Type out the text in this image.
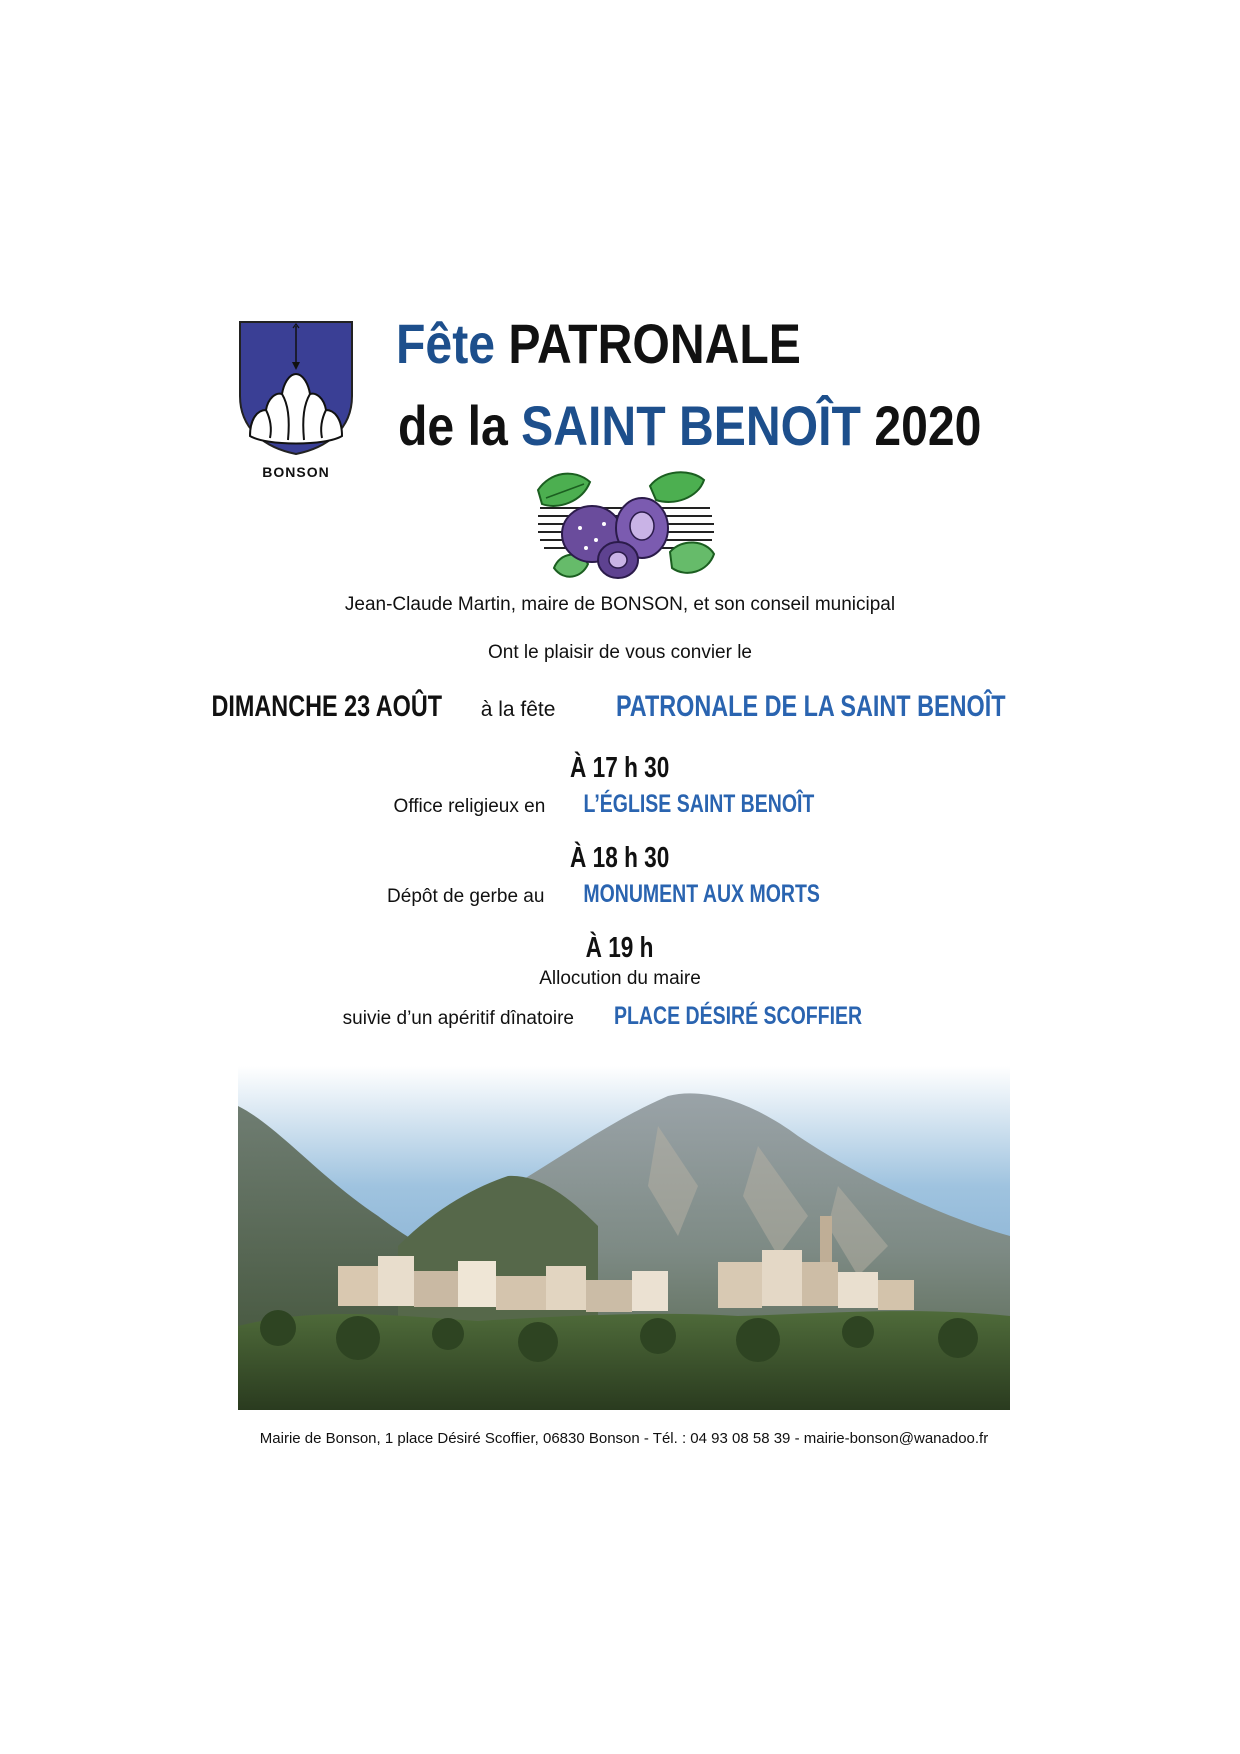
BONSON
Fête PATRONALE
de la SAINT BENOÎT 2020
Jean-Claude Martin, maire de BONSON, et son conseil municipal
Ont le plaisir de vous convier le
DIMANCHE 23 AOÛT à la fête PATRONALE DE LA SAINT BENOÎT
À 17 h 30
Office religieux en L’ÉGLISE SAINT BENOÎT
À 18 h 30
Dépôt de gerbe au MONUMENT AUX MORTS
À 19 h
Allocution du maire
suivie d’un apéritif dînatoire PLACE DÉSIRÉ SCOFFIER
Mairie de Bonson, 1 place Désiré Scoffier, 06830 Bonson - Tél. : 04 93 08 58 39 - mairie-bonson@wanadoo.fr
